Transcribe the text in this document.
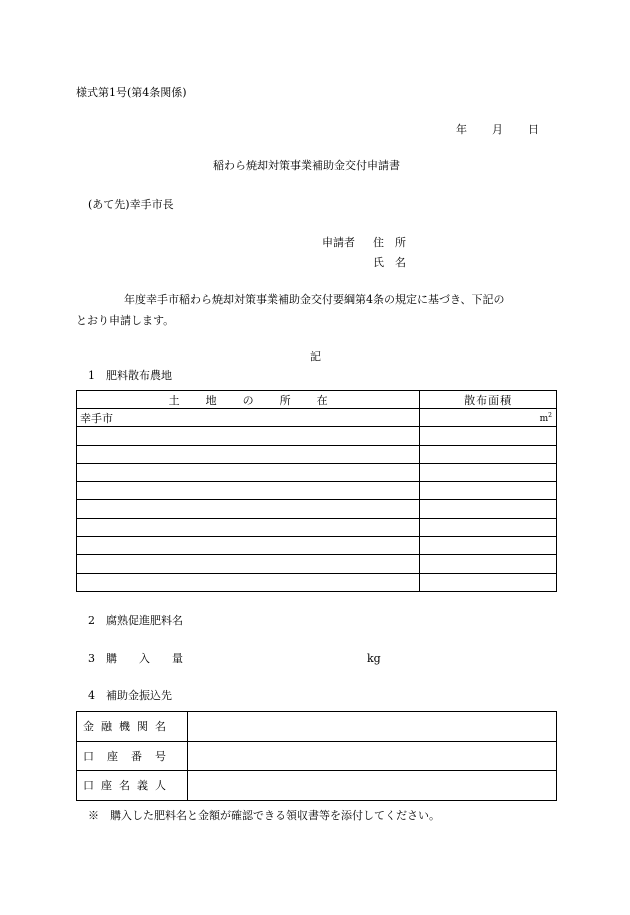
様式第1号(第4条関係)
年 月 日
稲わら焼却対策事業補助金交付申請書
(あて先)幸手市長
申請者 住　所
氏　名
年度幸手市稲わら焼却対策事業補助金交付要綱第4条の規定に基づき、下記の
とおり申請します。
記
1　肥料散布農地
土 地 の 所 在	散布面積
幸手市	$m^2$

2　腐熟促進肥料名
3　購　　入　　量	kg
4　補助金振込先
金融機関名	
口座番号	
口座名義人	
※　購入した肥料名と金額が確認できる領収書等を添付してください。
